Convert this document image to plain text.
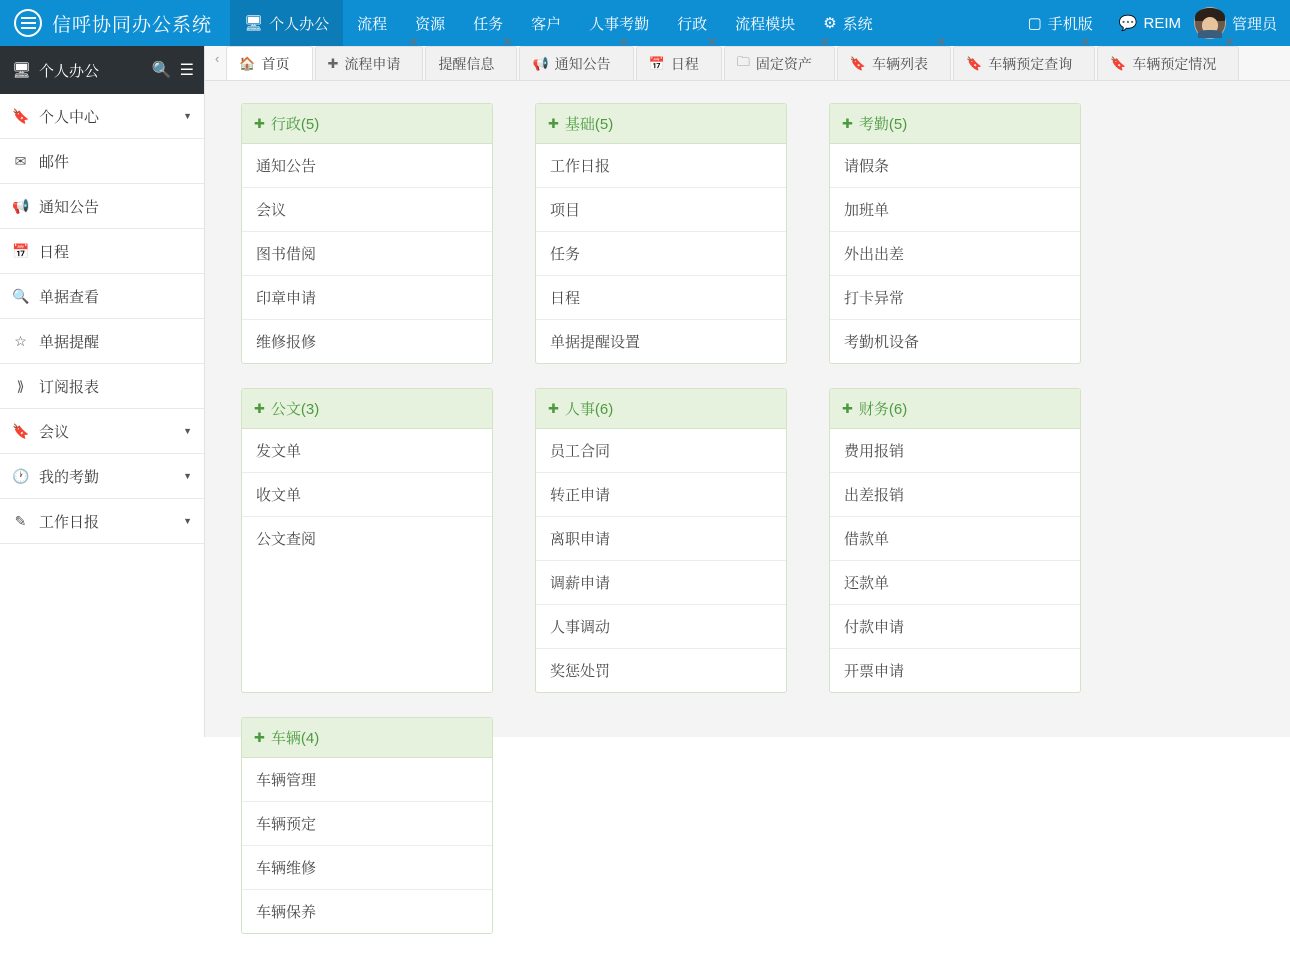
信呼协同办公系统 🖥 个人办公 流程 资源 任务 客户 人事考勤 行政 流程模块 ⚙ 系统	▢ 手机版 💬 REIM	管理员
🖥 个人办公	🔍 ☰
🔖 个人中心	▼
✉ 邮件
📢 通知公告
📅 日程
🔍 单据查看
☆ 单据提醒
⟫ 订阅报表
🔖 会议	▼
🕐 我的考勤	▼
✎ 工作日报	▼
‹	🏠 首页	✚ 流程申请
✕
提醒信息
✕
📢 通知公告
✕
📅 日程
✕
🗀 固定资产
✕
🔖 车辆列表
✕
🔖 车辆预定查询
✕
🔖 车辆预定情况
✕
✚ 行政(5)
通知公告
会议
图书借阅
印章申请
维修报修
✚ 基础(5)
工作日报
项目
任务
日程
单据提醒设置
✚ 考勤(5)
请假条
加班单
外出出差
打卡异常
考勤机设备
✚ 公文(3)
发文单
收文单
公文查阅
✚ 人事(6)
员工合同
转正申请
离职申请
调薪申请
人事调动
奖惩处罚
✚ 财务(6)
费用报销
出差报销
借款单
还款单
付款申请
开票申请
✚ 车辆(4)
车辆管理
车辆预定
车辆维修
车辆保养
